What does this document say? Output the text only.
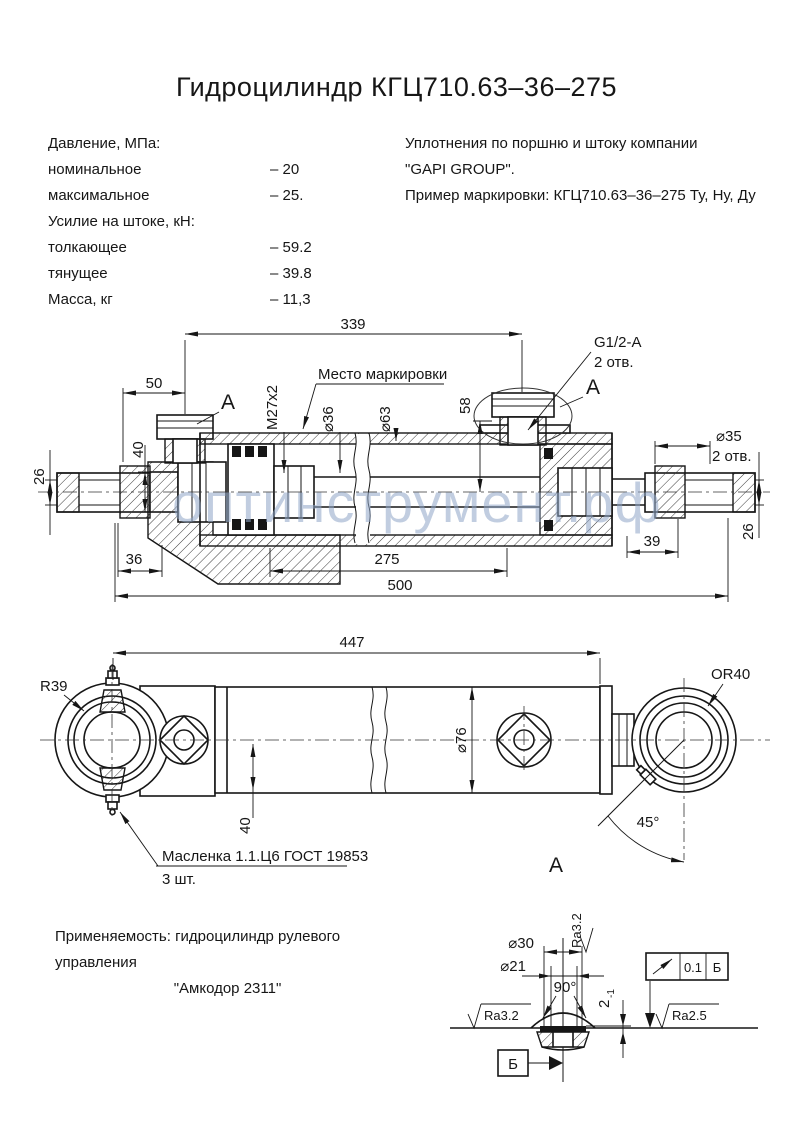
Гидроцилиндр КГЦ710.63–36–275
Давление, МПа:
номинальное	– 20
максимальное	– 25.
Усилие на штоке, кН:
толкающее	– 59.2
тянущее	– 39.8
Масса, кг	– 11,3
Уплотнения по поршню и штоку компании
"GAPI GROUP".
Пример маркировки: КГЦ710.63–36–275 Ту, Ну, Ду
Применяемость: гидроцилиндр рулевого управления
"Амкодор 2311"
339
G1/2-A
2 отв.
50
А
А
Место маркировки
М27х2	⌀36	⌀63
58
⌀35
2 отв.
26
40
36
39
26
275
500
447
R39
OR40
⌀76
40	45°
Масленка 1.1.Ц6 ГОСТ 19853
3 шт.
А
Ra3.2
⌀30
⌀21
90°
2
-1
Ra3.2	Ra2.5
0.1 Б
Б
оптинструмент.рф
